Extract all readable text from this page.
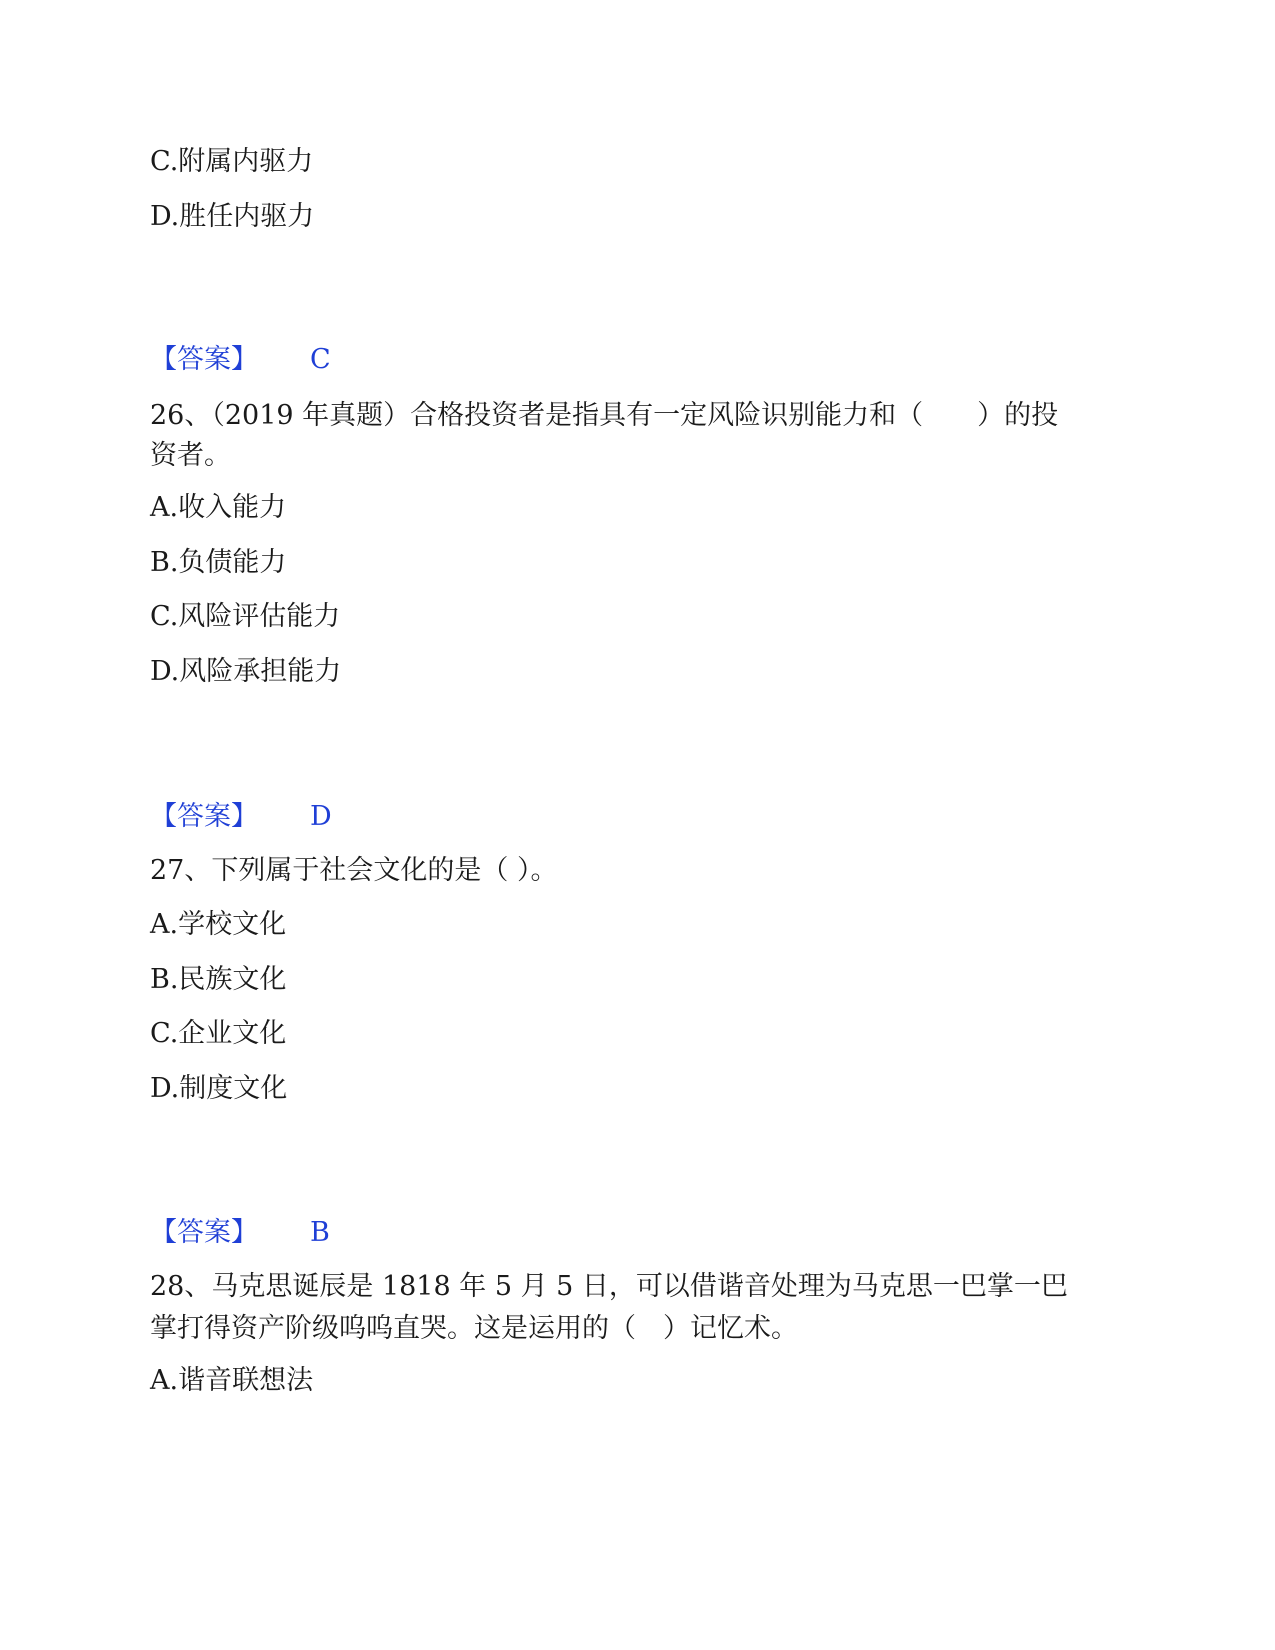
C.附属内驱力
D.胜任内驱力
【答案】 C
26、（2019 年真题）合格投资者是指具有一定风险识别能力和（　　）的投
资者。
A.收入能力
B.负债能力
C.风险评估能力
D.风险承担能力
【答案】 D
27、下列属于社会文化的是（ ）。
A.学校文化
B.民族文化
C.企业文化
D.制度文化
【答案】 B
28、马克思诞辰是 1818 年 5 月 5 日，可以借谐音处理为马克思一巴掌一巴
掌打得资产阶级呜呜直哭。这是运用的（　）记忆术。
A.谐音联想法
